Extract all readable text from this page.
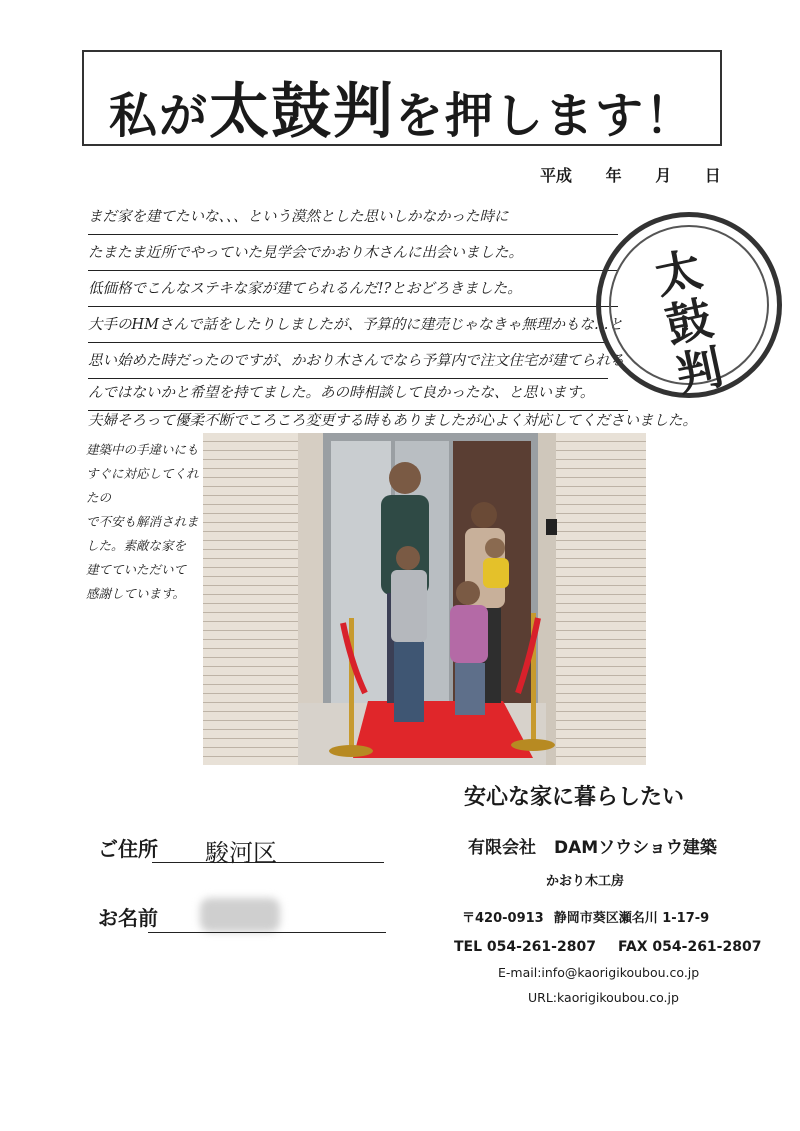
私が太鼓判を押します！
平成 年 月 日
まだ家を建てたいな、、、という漠然とした思いしかなかった時に
たまたま近所でやっていた見学会でかおり木さんに出会いました。
低価格でこんなステキな家が建てられるんだ!?とおどろきました。
大手のHMさんで話をしたりしましたが、予算的に建売じゃなきゃ無理かもな…と
思い始めた時だったのですが、かおり木さんでなら予算内で注文住宅が建てられる
んではないかと希望を持てました。あの時相談して良かったな、と思います。
夫婦そろって優柔不断でころころ変更する時もありましたが心よく対応してくださいました。
建築中の手違いにも
すぐに対応してくれたの
で不安も解消されま
した。素敵な家を
建てていただいて
感謝しています。
太
鼓
判
安心な家に暮らしたい
ご住所 駿河区
お名前
有限会社 DAMソウショウ建築
かおり木工房
〒420-0913 静岡市葵区瀬名川 1-17-9
TEL 054-261-2807 FAX 054-261-2807
E-mail:info@kaorigikoubou.co.jp
URL:kaorigikoubou.co.jp
